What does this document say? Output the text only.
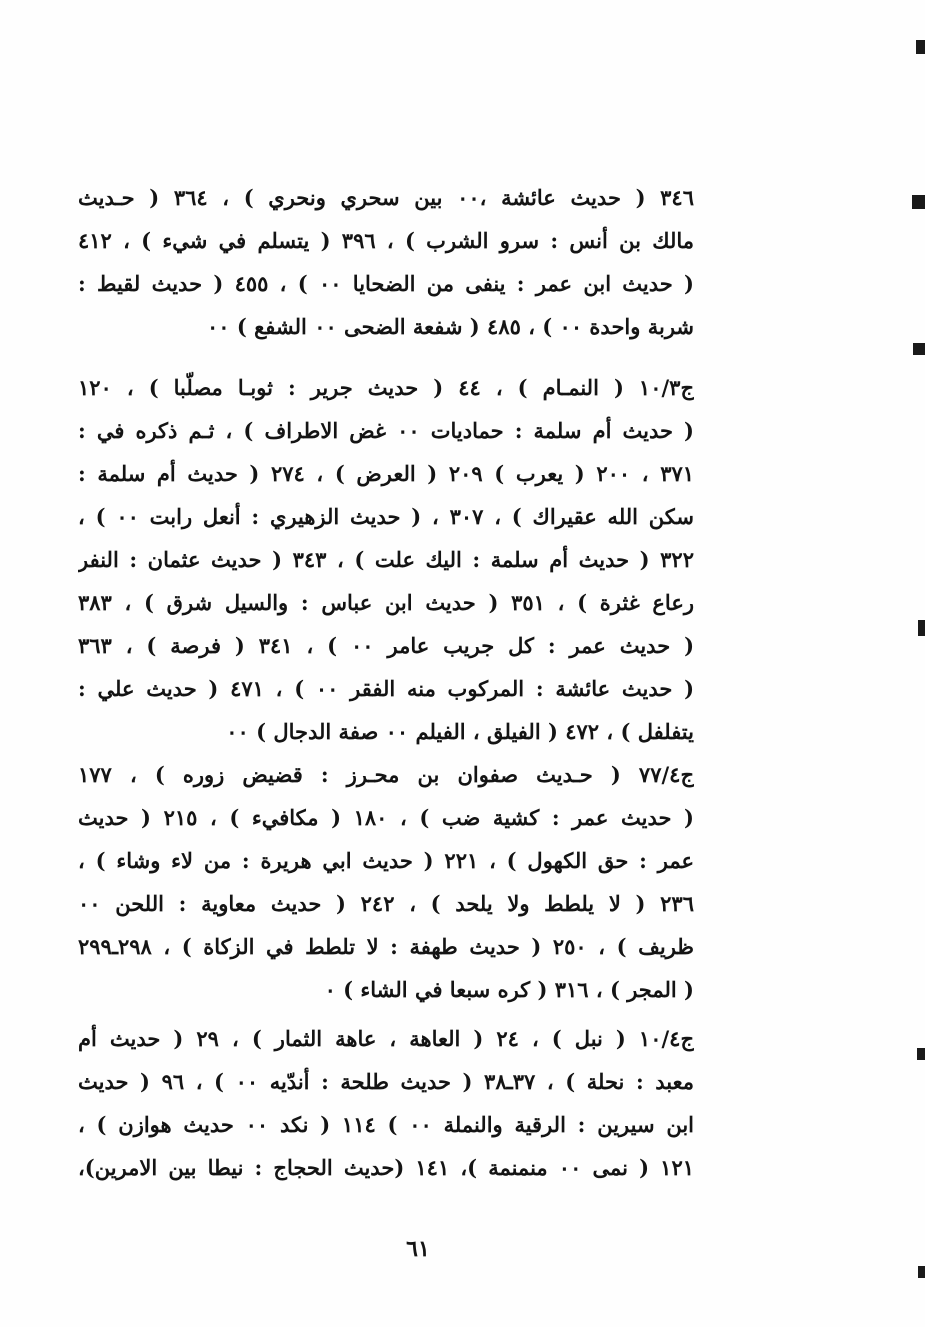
٣٤٦ ( حديث عائشة ،٠٠ بين سحري ونحري ) ، ٣٦٤ ( حـديث
مالك بن أنس : سرو الشرب ) ، ٣٩٦ ( يتسلم في شيء ) ، ٤١٢
( حديث ابن عمر : ينفى من الضحايا ٠٠ ) ، ٤٥٥ ( حديث لقيط :
شربة واحدة ٠٠ ) ، ٤٨٥ ( شفعة الضحى ٠٠ الشفع ) ٠٠
ج١٠/٣ ( النمـام ) ، ٤٤ ( حديث جرير : ثوبـا مصلّبا ) ، ١٢٠
( حديث أم سلمة : حماديات ٠٠ غض الاطراف ) ، ثـم ذكره في :
٣٧١ ، ٢٠٠ ( يعرب ) ٢٠٩ ( العرض ) ، ٢٧٤ ( حديث أم سلمة :
سكن الله عقيراك ) ، ٣٠٧ ، ( حديث الزهيري : أنعل رابت ٠٠ ) ،
٣٢٢ ( حديث أم سلمة : اليك علت ) ، ٣٤٣ ( حديث عثمان : النفر
رعاع غثرة ) ، ٣٥١ ( حديث ابن عباس : والسيل شرق ) ، ٣٨٣
( حديث عمر : كل جريب عامر ٠٠ ) ، ٣٤١ ( فرصة ) ، ٣٦٣
( حديث عائشة : المركوب منه الفقر ٠٠ ) ، ٤٧١ ( حديث علي :
يتفلفل ) ، ٤٧٢ ( الفيلق ، الفيلم ٠٠ صفة الدجال ) ٠٠
ج٧٧/٤ ( حـديث صفوان بن محـرز : قضيض زوره ) ، ١٧٧
( حديث عمر : كشية ضب ) ، ١٨٠ ( مكافيء ) ، ٢١٥ ( حديث
عمر : حق الكهول ) ، ٢٢١ ( حديث ابي هريرة : من لاء وشاء ) ،
٢٣٦ ( لا يلطط ولا يلحد ) ، ٢٤٢ ( حديث معاوية : اللحن ٠٠
ظريف ) ، ٢٥٠ ( حديث طهفة : لا تلطط في الزكاة ) ، ٢٩٨ـ٢٩٩
( المجر ) ، ٣١٦ ( كره سبعا في الشاء ) ٠
ج١٠/٤ ( نبل ) ، ٢٤ ( العاهة ، عاهة الثمار ) ، ٢٩ ( حديث أم
معبد : نحلة ) ، ٣٧ـ٣٨ ( حديث طلحة : أندّيه ٠٠ ) ، ٩٦ ( حديث
ابن سيرين : الرقية والنملة ٠٠ ) ١١٤ ( نكد ٠٠ حديث هوازن ) ،
١٢١ ( نمى ٠٠ منمنمة )، ١٤١ (حديث الحجاج : نيطا بين الامرين)،
٦١
